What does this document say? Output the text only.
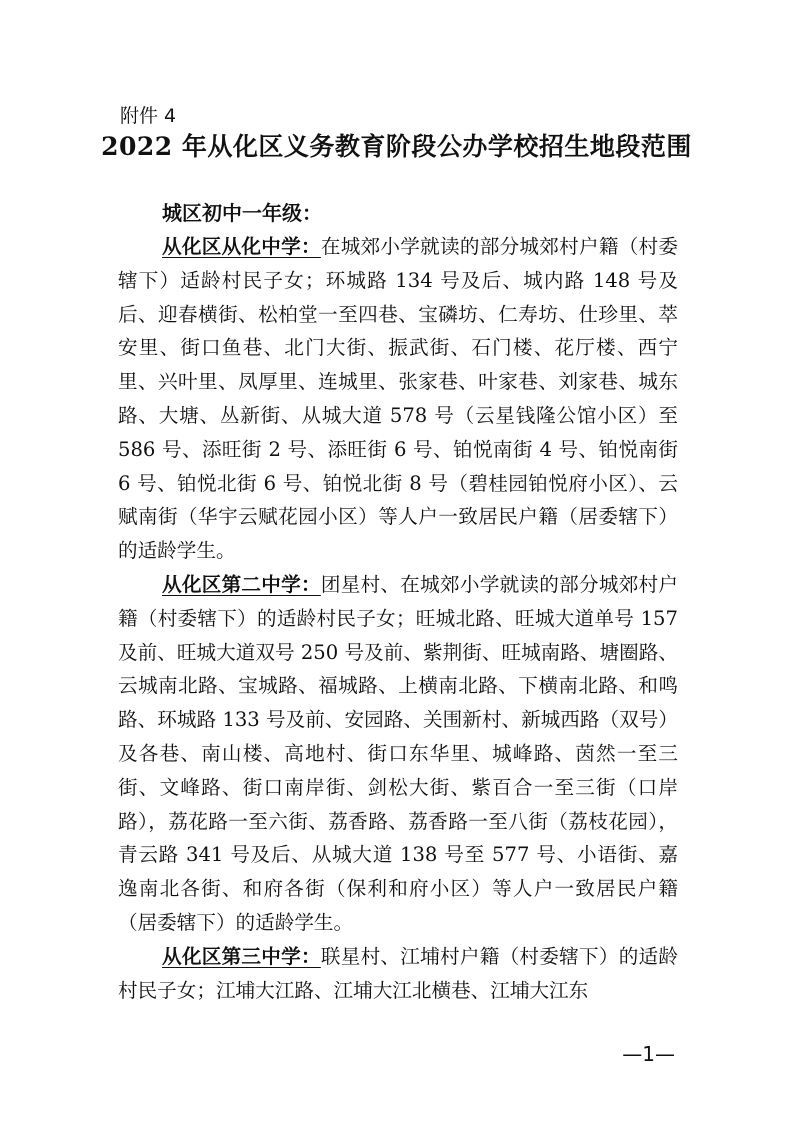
附件 4
2022 年从化区义务教育阶段公办学校招生地段范围
城区初中一年级：

从化区从化中学：在城郊小学就读的部分城郊村户籍（村委辖下）适龄村民子女；环城路 134 号及后、城内路 148 号及后、迎春横街、松柏堂一至四巷、宝磷坊、仁寿坊、仕珍里、萃安里、街口鱼巷、北门大街、振武街、石门楼、花厅楼、西宁里、兴叶里、凤厚里、连城里、张家巷、叶家巷、刘家巷、城东路、大塘、丛新街、从城大道 578 号（云星钱隆公馆小区）至 586 号、添旺街 2 号、添旺街 6 号、铂悦南街 4 号、铂悦南街 6 号、铂悦北街 6 号、铂悦北街 8 号（碧桂园铂悦府小区）、云赋南街（华宇云赋花园小区）等人户一致居民户籍（居委辖下）的适龄学生。

从化区第二中学：团星村、在城郊小学就读的部分城郊村户籍（村委辖下）的适龄村民子女；旺城北路、旺城大道单号 157 及前、旺城大道双号 250 号及前、紫荆街、旺城南路、塘圈路、云城南北路、宝城路、福城路、上横南北路、下横南北路、和鸣路、环城路 133 号及前、安园路、关围新村、新城西路（双号）及各巷、南山楼、高地村、街口东华里、城峰路、茵然一至三街、文峰路、街口南岸街、剑松大街、紫百合一至三街（口岸路），荔花路一至六街、荔香路、荔香路一至八街（荔枝花园），青云路 341 号及后、从城大道 138 号至 577 号、小语街、嘉逸南北各街、和府各街（保利和府小区）等人户一致居民户籍（居委辖下）的适龄学生。

从化区第三中学：联星村、江埔村户籍（村委辖下）的适龄村民子女；江埔大江路、江埔大江北横巷、江埔大江东

—1—
